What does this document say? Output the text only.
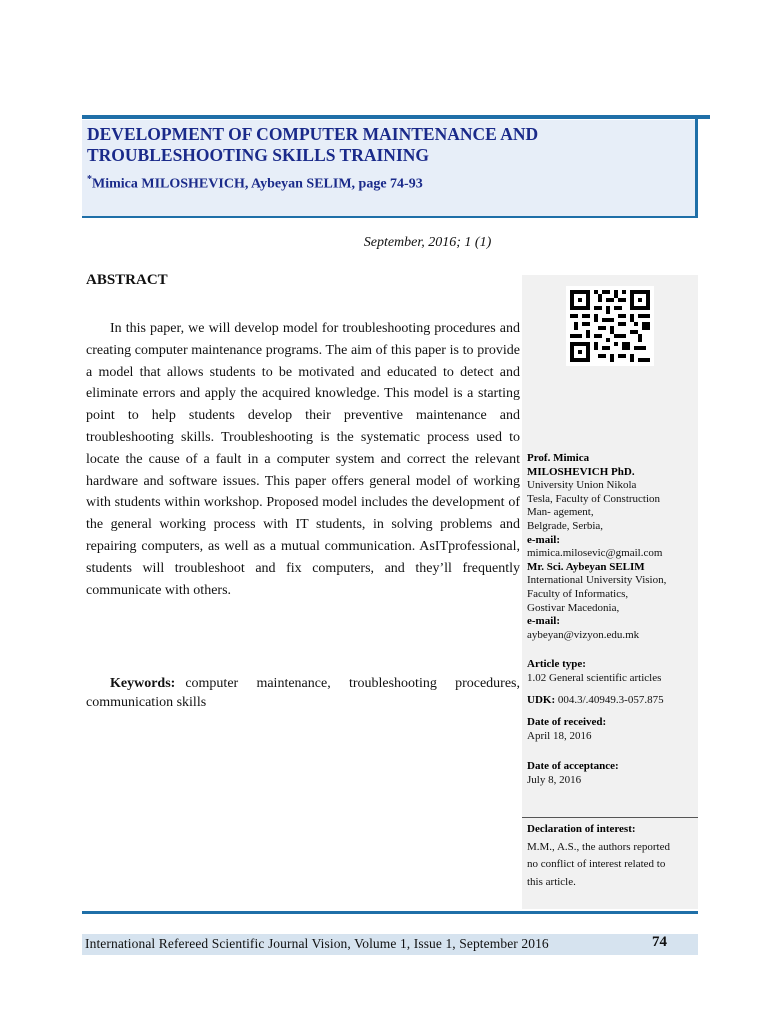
DEVELOPMENT OF COMPUTER MAINTENANCE AND
TROUBLESHOOTING SKILLS TRAINING
*Mimica MILOSHEVICH, Aybeyan SELIM, page 74-93
September, 2016; 1 (1)
ABSTRACT
In this paper, we will develop model for troubleshooting procedures and creating computer maintenance programs. The aim of this paper is to provide a model that allows students to be motivated and educated to detect and eliminate errors and apply the acquired knowledge. This model is a starting point to help students develop their preventive maintenance and troubleshooting skills. Troubleshooting is the systematic process used to locate the cause of a fault in a computer system and correct the relevant hardware and software issues. This paper offers general model of working with students within workshop. Proposed model includes the development of the general working process with IT students, in solving problems and repairing computers, as well as a mutual communication. AsITprofessional, students will troubleshoot and fix computers, and they’ll frequently communicate with others.
Keywords: computer maintenance, troubleshooting procedures, communication skills
Prof. Mimica
MILOSHEVICH PhD.
University Union Nikola
Tesla, Faculty of Construction
Man- agement,
Belgrade, Serbia,
e-mail:
mimica.milosevic@gmail.com
Mr. Sci. Aybeyan SELIM
International University Vision,
Faculty of Informatics,
Gostivar Macedonia,
e-mail:
aybeyan@vizyon.edu.mk
Article type:
1.02 General scientific articles
UDK: 004.3/.40949.3-057.875
Date of received:
April 18, 2016
Date of acceptance:
July 8, 2016
Declaration of interest:
M.M., A.S., the authors reported
no conflict of interest related to
this article.
International Refereed Scientific Journal Vision, Volume 1, Issue 1, September 2016	74
